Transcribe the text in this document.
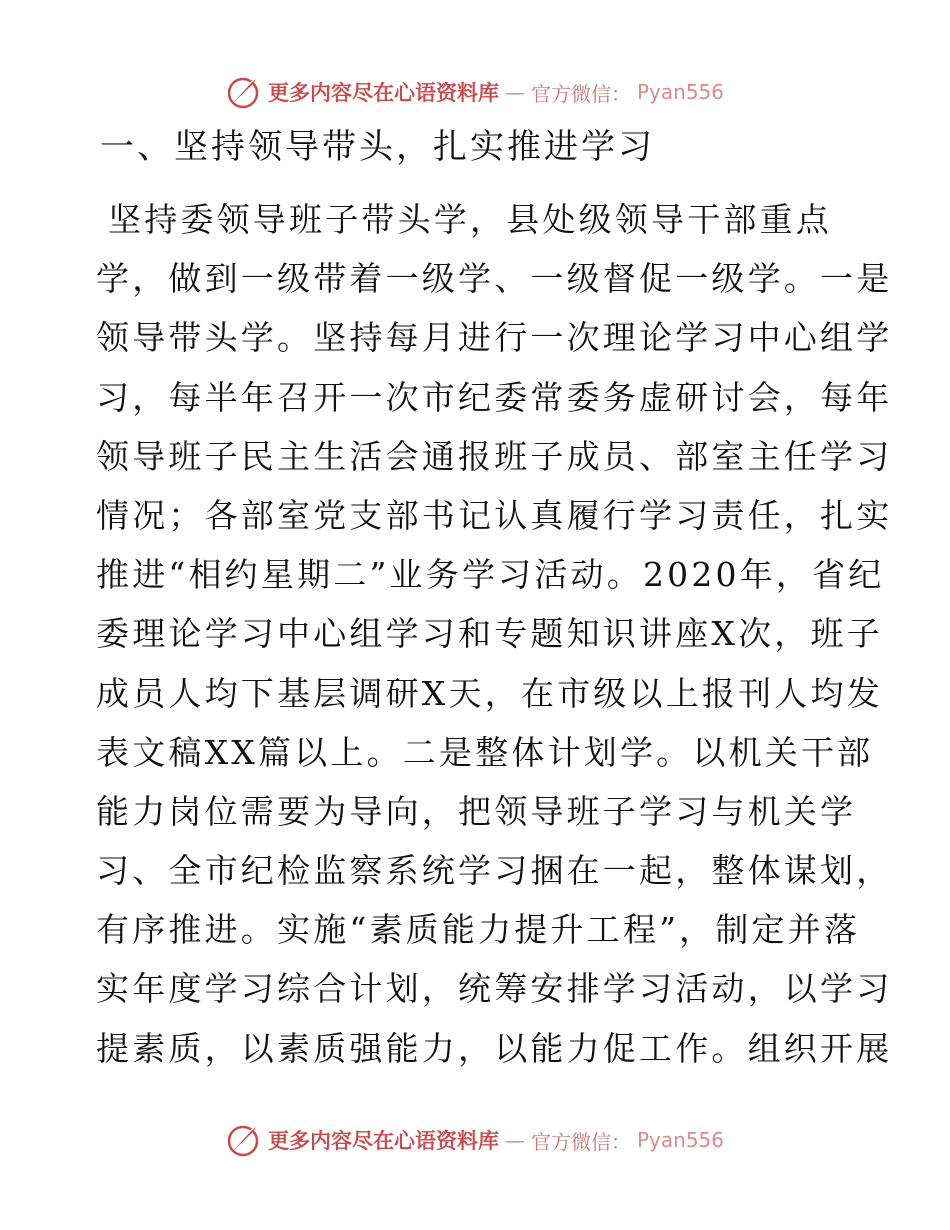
更多内容尽在心语资料库 — 官方微信： Pyan556
一、坚持领导带头，扎实推进学习
坚持委领导班子带头学，县处级领导干部重点
学，做到一级带着一级学、一级督促一级学。一是
领导带头学。坚持每月进行一次理论学习中心组学
习，每半年召开一次市纪委常委务虚研讨会，每年
领导班子民主生活会通报班子成员、部室主任学习
情况；各部室党支部书记认真履行学习责任，扎实
推进“相约星期二”业务学习活动。2020年，省纪
委理论学习中心组学习和专题知识讲座X次，班子
成员人均下基层调研X天，在市级以上报刊人均发
表文稿XX篇以上。二是整体计划学。以机关干部
能力岗位需要为导向，把领导班子学习与机关学
习、全市纪检监察系统学习捆在一起，整体谋划，
有序推进。实施“素质能力提升工程”，制定并落
实年度学习综合计划，统筹安排学习活动，以学习
提素质，以素质强能力，以能力促工作。组织开展
更多内容尽在心语资料库 — 官方微信： Pyan556
